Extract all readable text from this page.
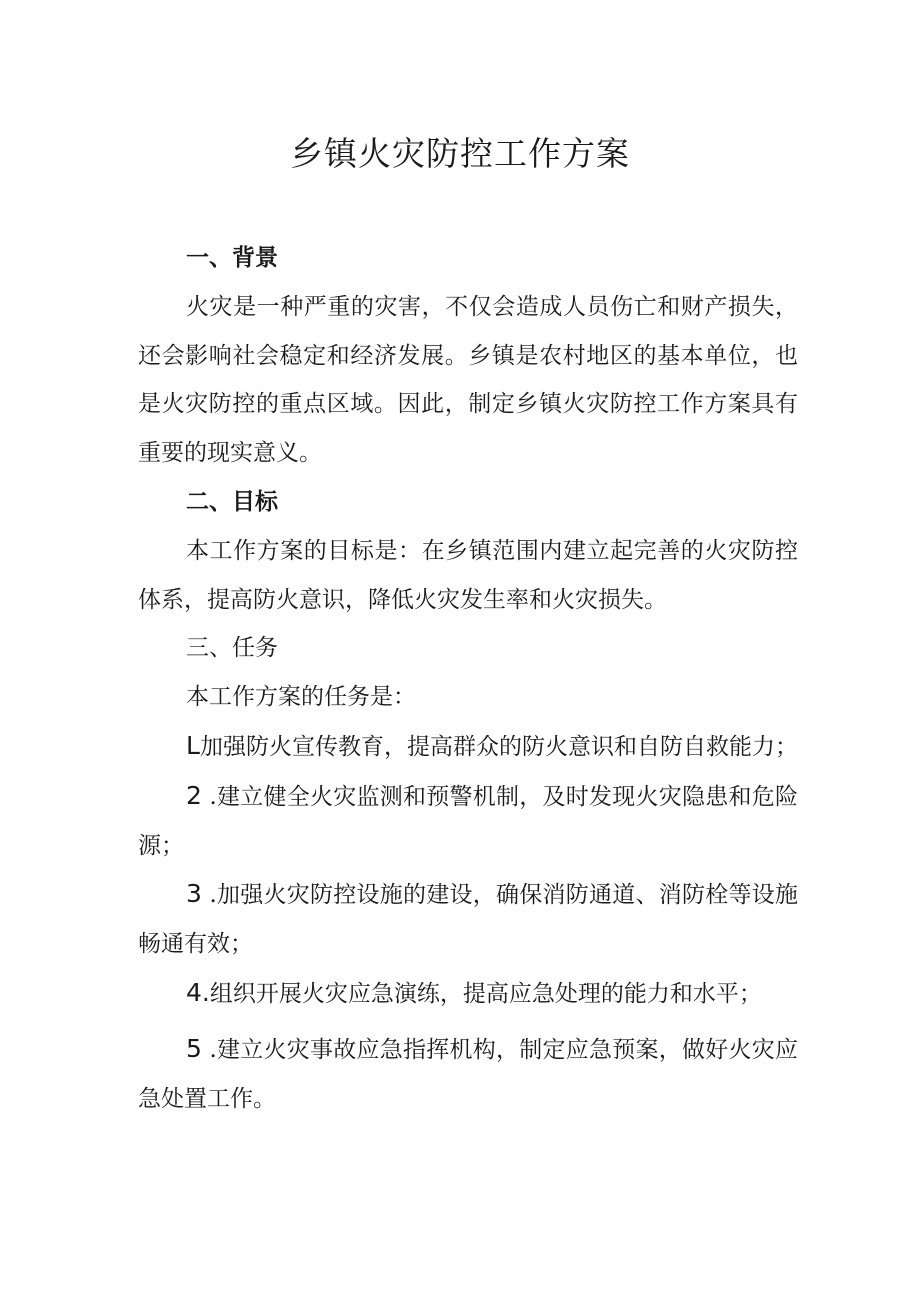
乡镇火灾防控工作方案

一、背景

火灾是一种严重的灾害，不仅会造成人员伤亡和财产损失，还会影响社会稳定和经济发展。乡镇是农村地区的基本单位，也是火灾防控的重点区域。因此，制定乡镇火灾防控工作方案具有重要的现实意义。

二、目标

本工作方案的目标是：在乡镇范围内建立起完善的火灾防控体系，提高防火意识，降低火灾发生率和火灾损失。

三、任务

本工作方案的任务是：

L加强防火宣传教育，提高群众的防火意识和自防自救能力；

2 .建立健全火灾监测和预警机制，及时发现火灾隐患和危险源；

3 .加强火灾防控设施的建设，确保消防通道、消防栓等设施畅通有效；

4.组织开展火灾应急演练，提高应急处理的能力和水平；

5 .建立火灾事故应急指挥机构，制定应急预案，做好火灾应急处置工作。
